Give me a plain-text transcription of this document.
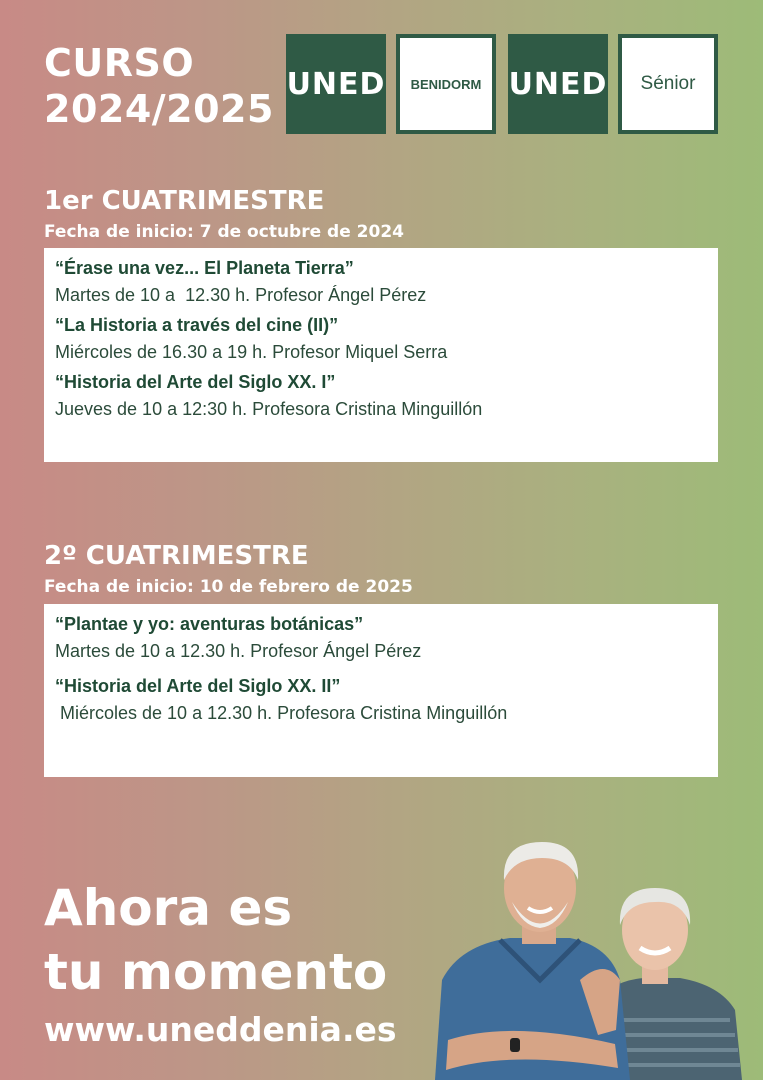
CURSO
2024/2025
UNED BENIDORM UNED Sénior
1er CUATRIMESTRE
Fecha de inicio: 7 de octubre de 2024
“Érase una vez... El Planeta Tierra”
Martes de 10 a  12.30 h. Profesor Ángel Pérez
“La Historia a través del cine (II)”
Miércoles de 16.30 a 19 h. Profesor Miquel Serra
“Historia del Arte del Siglo XX. I”
Jueves de 10 a 12:30 h. Profesora Cristina Minguillón
2º CUATRIMESTRE
Fecha de inicio: 10 de febrero de 2025
“Plantae y yo: aventuras botánicas”
Martes de 10 a 12.30 h. Profesor Ángel Pérez
“Historia del Arte del Siglo XX. II”
Miércoles de 10 a 12.30 h. Profesora Cristina Minguillón
Ahora es
tu momento
www.uneddenia.es
